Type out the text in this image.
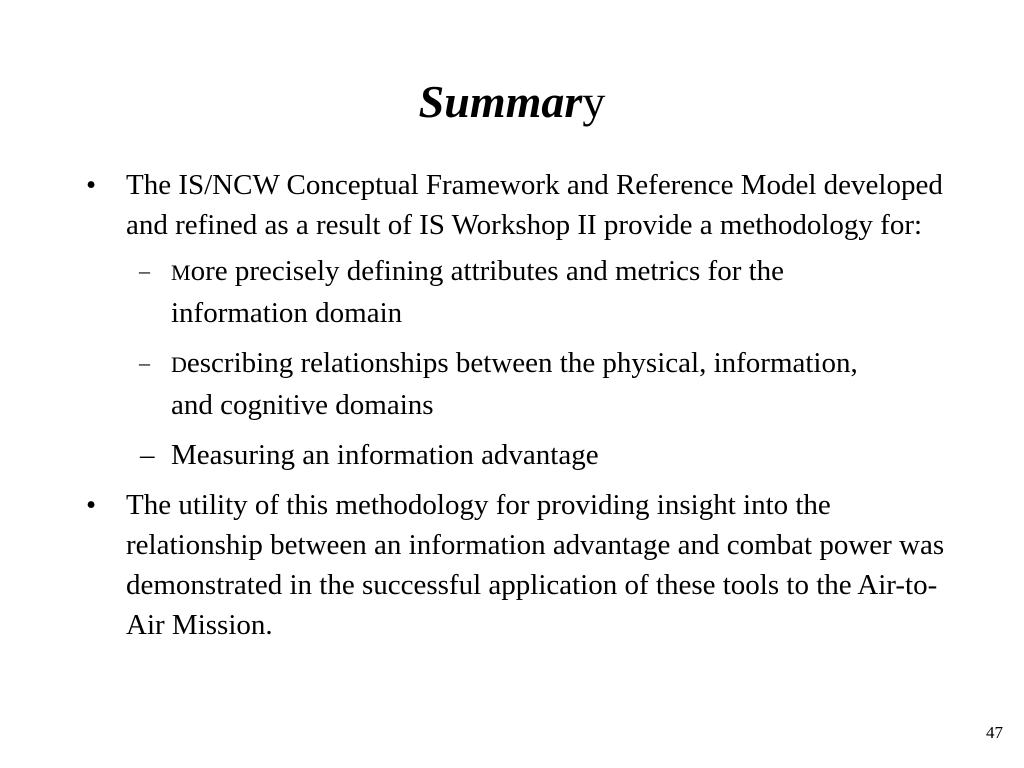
Summary
• The IS/NCW Conceptual Framework and Reference Model developed and refined as a result of IS Workshop II provide a methodology for:
– More precisely defining attributes and metrics for the information domain
– Describing relationships between the physical, information, and cognitive domains
– Measuring an information advantage
• The utility of this methodology for providing insight into the relationship between an information advantage and combat power was demonstrated in the successful application of these tools to the Air-to-Air Mission.
47
